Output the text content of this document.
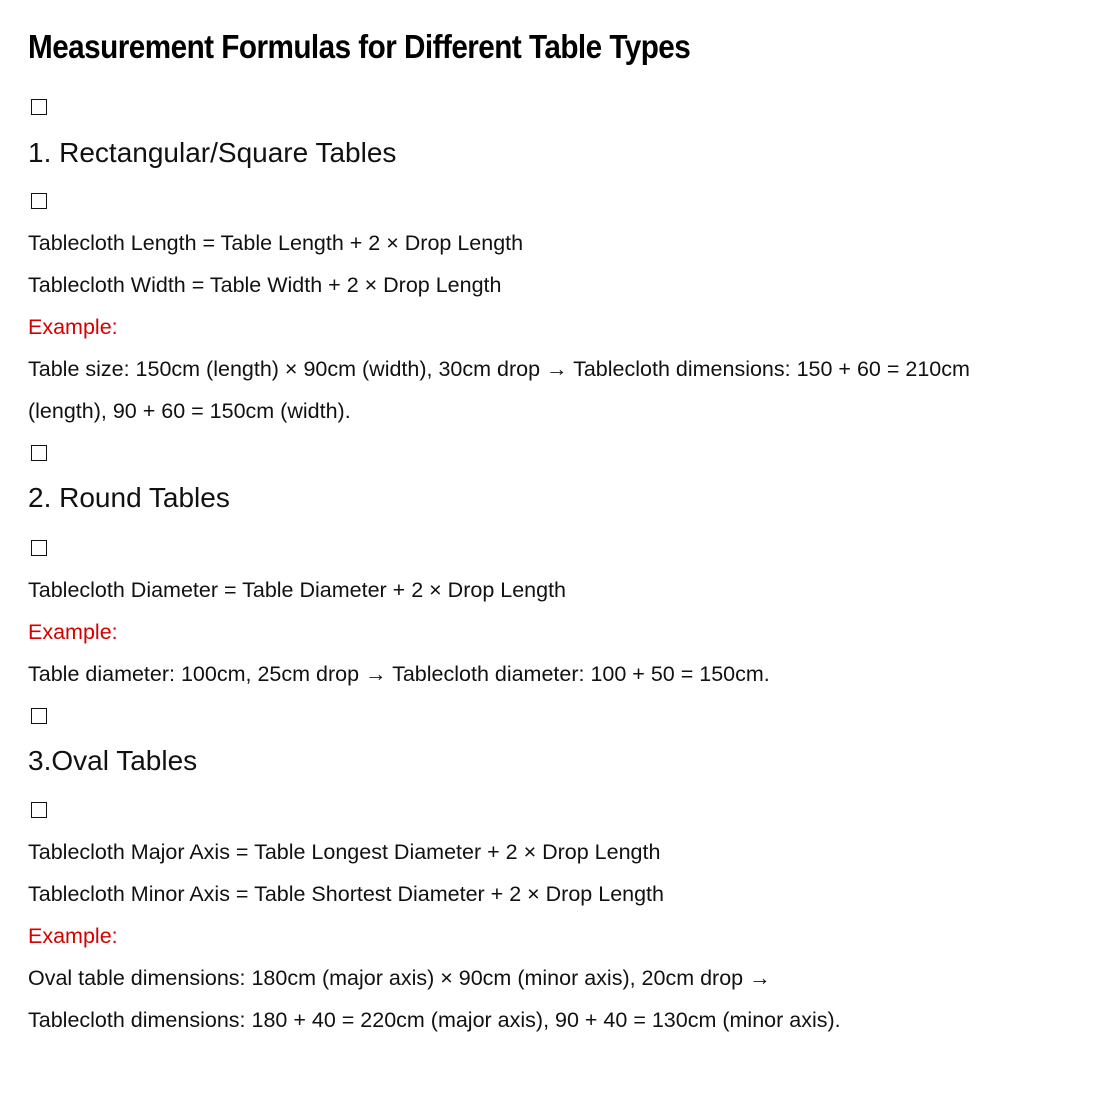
Measurement Formulas for Different Table Types
1. Rectangular/Square Tables
Tablecloth Length = Table Length + 2 × Drop Length
Tablecloth Width = Table Width + 2 × Drop Length
Example:
Table size: 150cm (length) × 90cm (width), 30cm drop → Tablecloth dimensions: 150 + 60 = 210cm
(length), 90 + 60 = 150cm (width).
2. Round Tables
Tablecloth Diameter = Table Diameter + 2 × Drop Length
Example:
Table diameter: 100cm, 25cm drop → Tablecloth diameter: 100 + 50 = 150cm.
3.Oval Tables
Tablecloth Major Axis = Table Longest Diameter + 2 × Drop Length
Tablecloth Minor Axis = Table Shortest Diameter + 2 × Drop Length
Example:
Oval table dimensions: 180cm (major axis) × 90cm (minor axis), 20cm drop →
Tablecloth dimensions: 180 + 40 = 220cm (major axis), 90 + 40 = 130cm (minor axis).
